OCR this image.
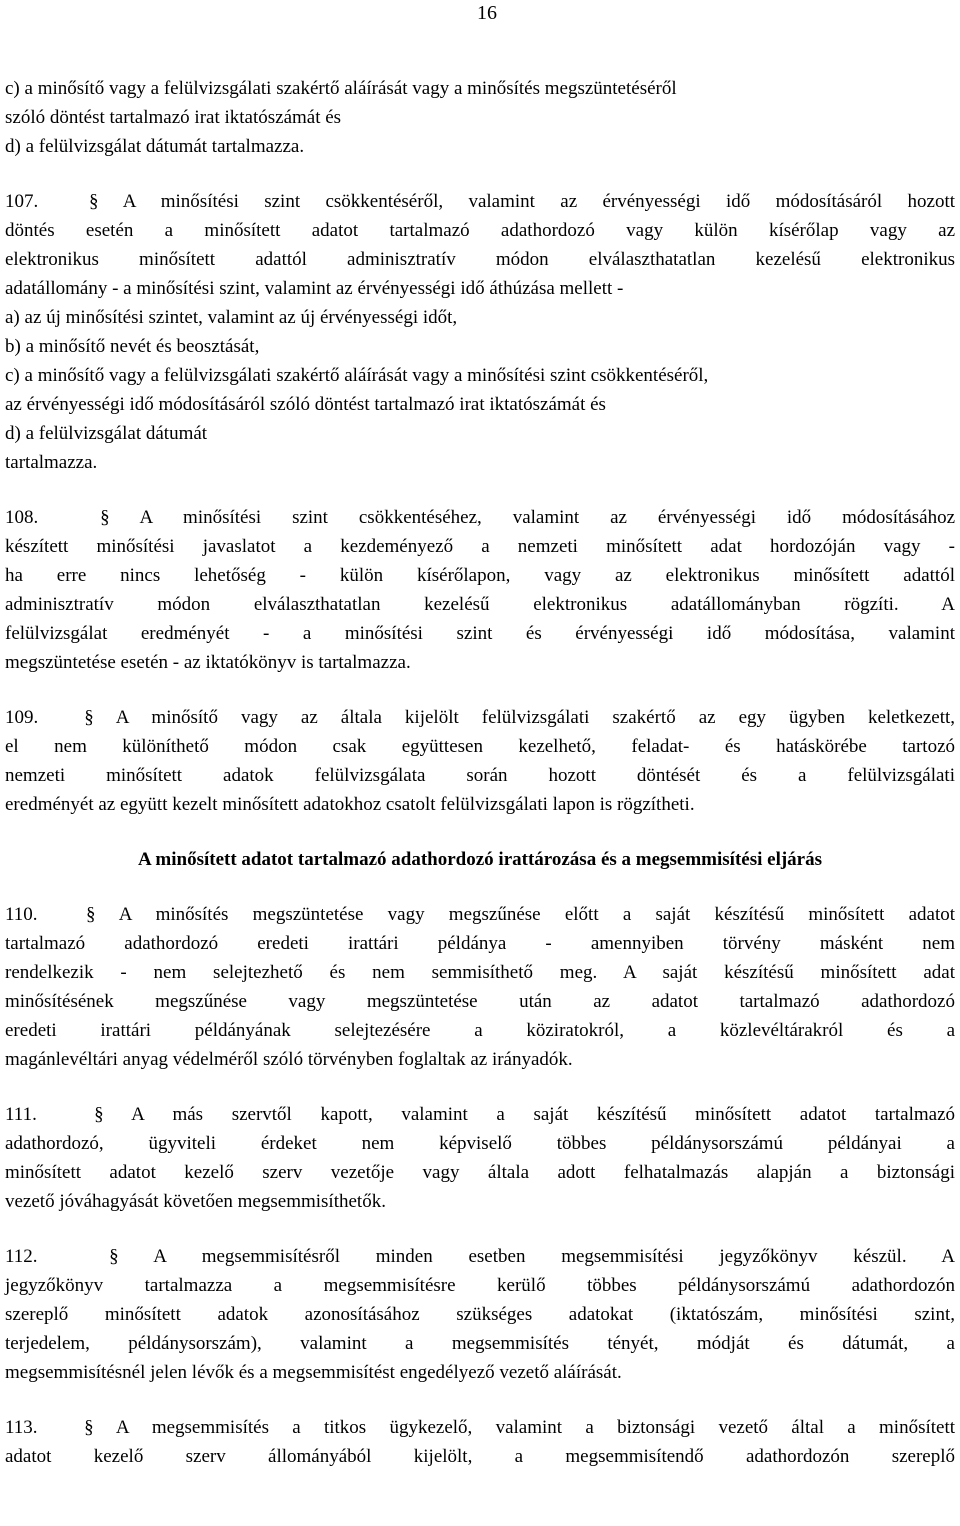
16
c) a minősítő vagy a felülvizsgálati szakértő aláírását vagy a minősítés megszüntetéséről
szóló döntést tartalmazó irat iktatószámát és
d) a felülvizsgálat dátumát tartalmazza.
107.	§ A minősítési szint csökkentéséről, valamint az érvényességi idő módosításáról hozott
döntés esetén a minősített adatot tartalmazó adathordozó vagy külön kísérőlap vagy az
elektronikus minősített adattól adminisztratív módon elválaszthatatlan kezelésű elektronikus
adatállomány - a minősítési szint, valamint az érvényességi idő áthúzása mellett -
a) az új minősítési szintet, valamint az új érvényességi időt,
b) a minősítő nevét és beosztását,
c) a minősítő vagy a felülvizsgálati szakértő aláírását vagy a minősítési szint csökkentéséről,
az érvényességi idő módosításáról szóló döntést tartalmazó irat iktatószámát és
d) a felülvizsgálat dátumát
tartalmazza.
108.	§ A minősítési szint csökkentéséhez, valamint az érvényességi idő módosításához
készített minősítési javaslatot a kezdeményező a nemzeti minősített adat hordozóján vagy -
ha erre nincs lehetőség - külön kísérőlapon, vagy az elektronikus minősített adattól
adminisztratív módon elválaszthatatlan kezelésű elektronikus adatállományban rögzíti. A
felülvizsgálat eredményét - a minősítési szint és érvényességi idő módosítása, valamint
megszüntetése esetén - az iktatókönyv is tartalmazza.
109. § A minősítő vagy az általa kijelölt felülvizsgálati szakértő az egy ügyben keletkezett,
el nem különíthető módon csak együttesen kezelhető, feladat- és hatáskörébe tartozó
nemzeti minősített adatok felülvizsgálata során hozott döntését és a felülvizsgálati
eredményét az együtt kezelt minősített adatokhoz csatolt felülvizsgálati lapon is rögzítheti.
A minősített adatot tartalmazó adathordozó irattározása és a megsemmisítési eljárás
110.	§ A minősítés megszüntetése vagy megszűnése előtt a saját készítésű minősített adatot
tartalmazó adathordozó eredeti irattári példánya - amennyiben törvény másként nem
rendelkezik - nem selejtezhető és nem semmisíthető meg. A saját készítésű minősített adat
minősítésének megszűnése vagy megszüntetése után az adatot tartalmazó adathordozó
eredeti irattári példányának selejtezésére a köziratokról, a közlevéltárakról és a
magánlevéltári anyag védelméről szóló törvényben foglaltak az irányadók.
111.	§ A más szervtől kapott, valamint a saját készítésű minősített adatot tartalmazó
adathordozó, ügyviteli érdeket nem képviselő többes példánysorszámú példányai a
minősített adatot kezelő szerv vezetője vagy általa adott felhatalmazás alapján a biztonsági
vezető jóváhagyását követően megsemmisíthetők.
112.	§ A megsemmisítésről minden esetben megsemmisítési jegyzőkönyv készül. A
jegyzőkönyv tartalmazza a megsemmisítésre kerülő többes példánysorszámú adathordozón
szereplő minősített adatok azonosításához szükséges adatokat (iktatószám, minősítési szint,
terjedelem, példánysorszám), valamint a megsemmisítés tényét, módját és dátumát, a
megsemmisítésnél jelen lévők és a megsemmisítést engedélyező vezető aláírását.
113. § A megsemmisítés a titkos ügykezelő, valamint a biztonsági vezető által a minősített
adatot kezelő szerv állományából kijelölt, a megsemmisítendő adathordozón szereplő
